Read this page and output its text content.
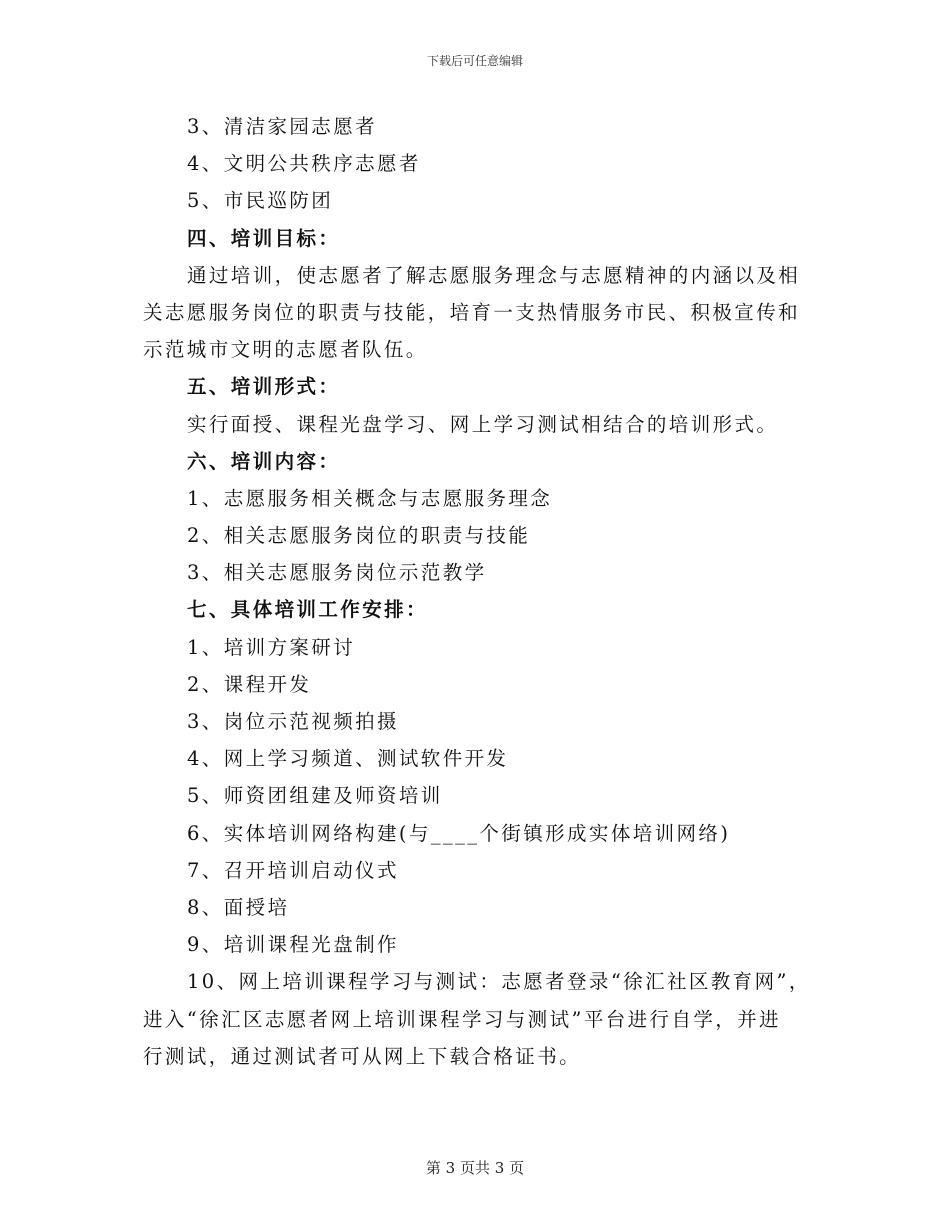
下载后可任意编辑
3、清洁家园志愿者
4、文明公共秩序志愿者
5、市民巡防团
四、培训目标：
通过培训，使志愿者了解志愿服务理念与志愿精神的内涵以及相
关志愿服务岗位的职责与技能，培育一支热情服务市民、积极宣传和
示范城市文明的志愿者队伍。
五、培训形式：
实行面授、课程光盘学习、网上学习测试相结合的培训形式。
六、培训内容：
1、志愿服务相关概念与志愿服务理念
2、相关志愿服务岗位的职责与技能
3、相关志愿服务岗位示范教学
七、具体培训工作安排：
1、培训方案研讨
2、课程开发
3、岗位示范视频拍摄
4、网上学习频道、测试软件开发
5、师资团组建及师资培训
6、实体培训网络构建(与____个街镇形成实体培训网络)
7、召开培训启动仪式
8、面授培
9、培训课程光盘制作
10、网上培训课程学习与测试：志愿者登录“徐汇社区教育网”，
进入“徐汇区志愿者网上培训课程学习与测试”平台进行自学，并进
行测试，通过测试者可从网上下载合格证书。
第 3 页共 3 页
